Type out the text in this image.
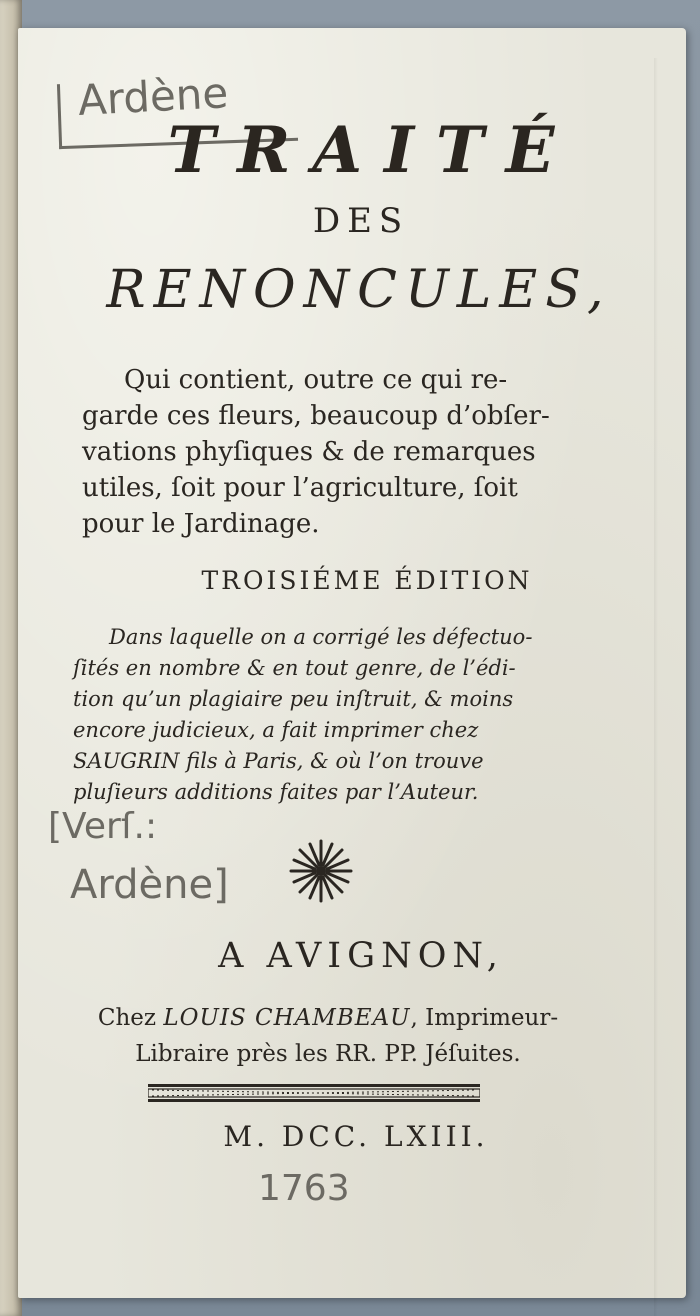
Ardène
TRAITÉ
DES
RENONCULES,
Qui contient, outre ce qui re-
garde ces fleurs, beaucoup d’obſer-
vations phyſiques & de remarques
utiles, ſoit pour l’agriculture, ſoit
pour le Jardinage.
TROISIÉME ÉDITION
Dans laquelle on a corrigé les défectuo-
ſités en nombre & en tout genre, de l’édi-
tion qu’un plagiaire peu inſtruit, & moins
encore judicieux, a fait imprimer chez
SAUGRIN fils à Paris, & où l’on trouve
pluſieurs additions faites par l’Auteur.
[Verſ.:
Ardène]
A AVIGNON,
Chez LOUIS CHAMBEAU, Imprimeur-
Libraire près les RR. PP. Jéſuites.
M. DCC. LXIII.
1763
